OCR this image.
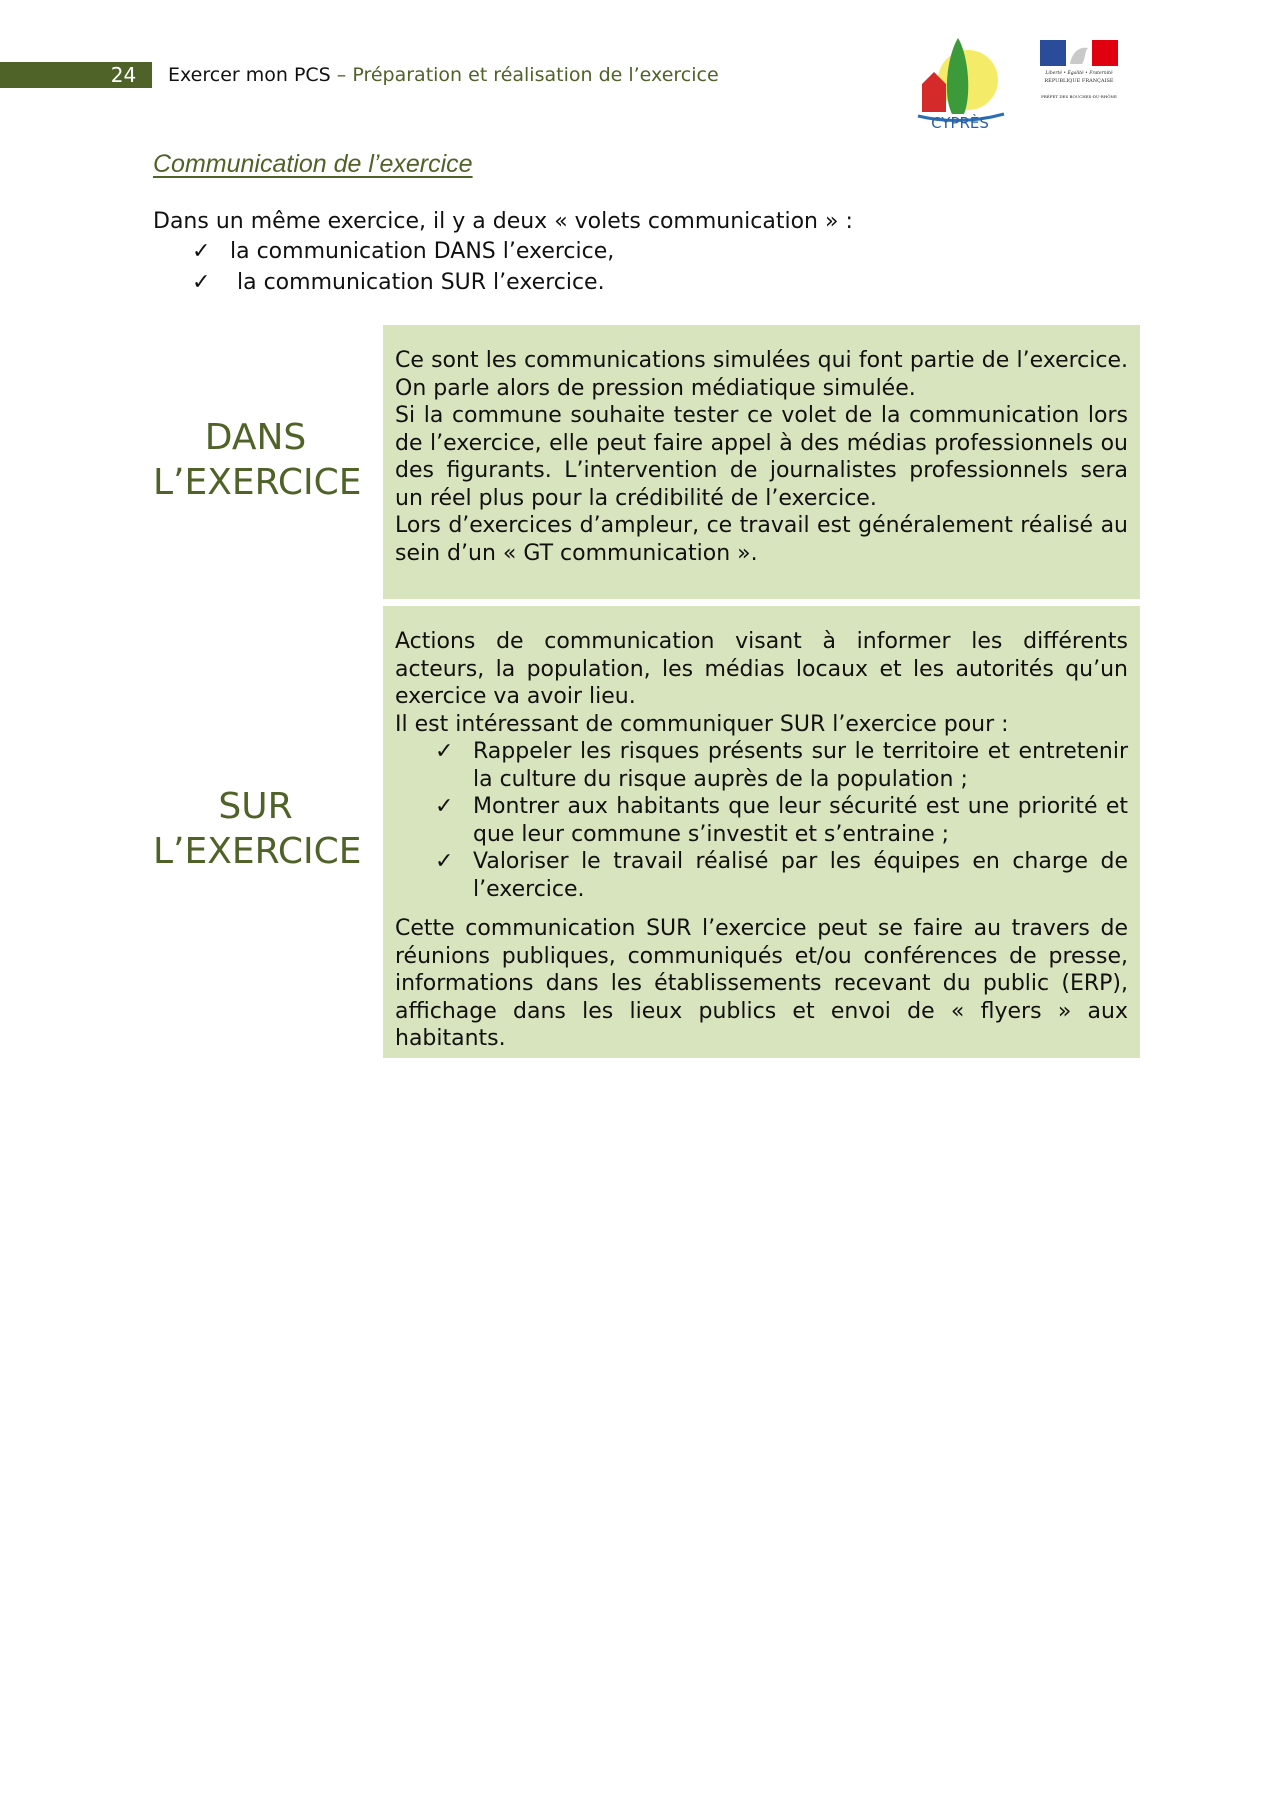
24	Exercer mon PCS – Préparation et réalisation de l’exercice
CYPRÈS
Liberté • Égalité • Fraternité
RÉPUBLIQUE FRANÇAISE
PRÉFET DES BOUCHES-DU-RHÔNE
Communication de l’exercice
Dans un même exercice, il y a deux « volets communication » :
✓ la communication DANS l’exercice,
✓ la communication SUR l’exercice.
DANS
L’EXERCICE

Ce sont les communications simulées qui font partie de l’exercice. On parle alors de pression médiatique simulée.

Si la commune souhaite tester ce volet de la communication lors de l’exercice, elle peut faire appel à des médias professionnels ou des figurants. L’intervention de journalistes professionnels sera un réel plus pour la crédibilité de l’exercice.

Lors d’exercices d’ampleur, ce travail est généralement réalisé au sein d’un « GT communication ».

SUR
L’EXERCICE

Actions de communication visant à informer les différents acteurs, la population, les médias locaux et les autorités qu’un exercice va avoir lieu.

Il est intéressant de communiquer SUR l’exercice pour :

✓ Rappeler les risques présents sur le territoire et entretenir la culture du risque auprès de la population ;
✓ Montrer aux habitants que leur sécurité est une priorité et que leur commune s’investit et s’entraine ;
✓ Valoriser le travail réalisé par les équipes en charge de l’exercice.

Cette communication SUR l’exercice peut se faire au travers de réunions publiques, communiqués et/ou conférences de presse, informations dans les établissements recevant du public (ERP), affichage dans les lieux publics et envoi de « flyers » aux habitants.
